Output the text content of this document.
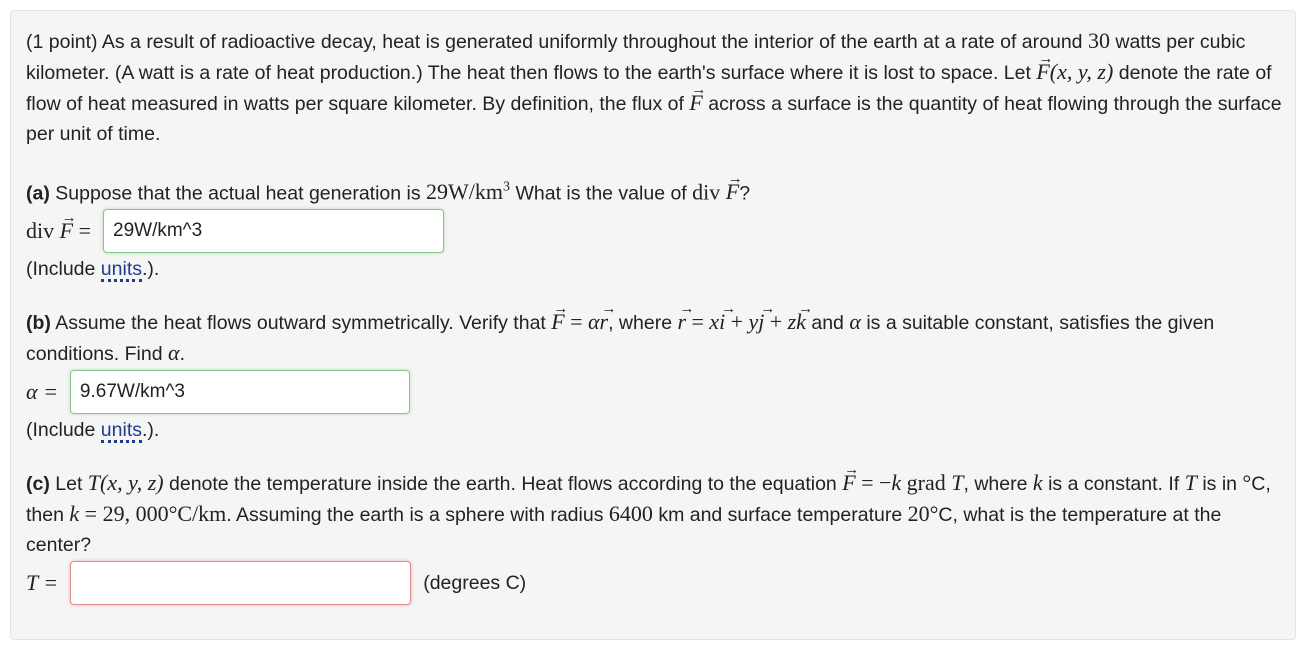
(1 point) As a result of radioactive decay, heat is generated uniformly throughout the interior of the earth at a rate of around 30 watts per cubic kilometer. (A watt is a rate of heat production.) The heat then flows to the earth's surface where it is lost to space. Let F →(x, y, z) denote the rate of flow of heat measured in watts per square kilometer. By definition, the flux of F → across a surface is the quantity of heat flowing through the surface per unit of time.

(a) Suppose that the actual heat generation is $29W/km^3$ What is the value of div F →?

div F → =	29W/km^3

(Include units.).

(b) Assume the heat flows outward symmetrically. Verify that F → = αr →, where r → = xi → + yj → + zk → and α is a suitable constant, satisfies the given conditions. Find α.

α =	9.67W/km^3

(Include units.).

(c) Let T(x, y, z) denote the temperature inside the earth. Heat flows according to the equation F → = −k grad T, where k is a constant. If T is in °C, then k = 29, 000°C/km. Assuming the earth is a sphere with radius 6400 km and surface temperature 20°C, what is the temperature at the center?

T =	(degrees C)
